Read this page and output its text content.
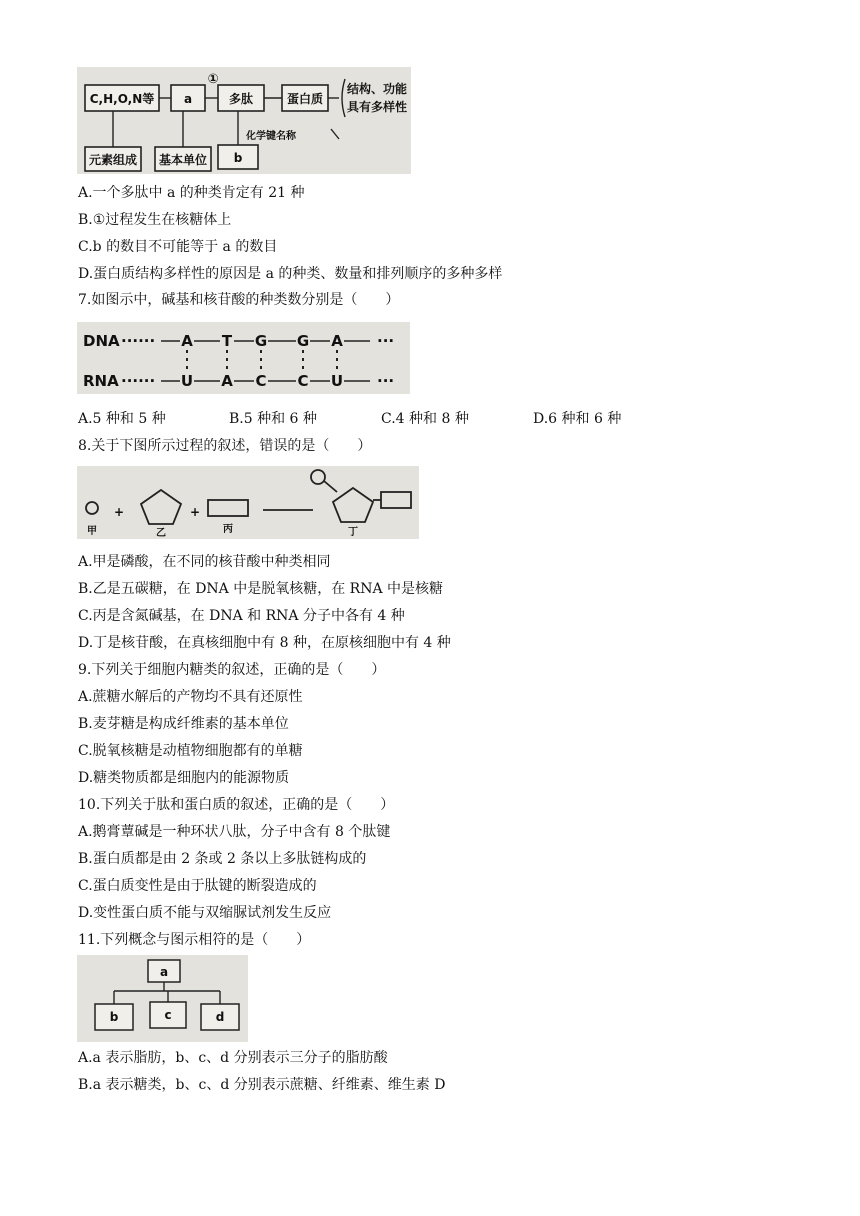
C,H,O,N等 a
①
多肽	蛋白质
结构、功能
具有多样性
化学键名称
元素组成 基本单位 b
A.一个多肽中 a 的种类肯定有 21 种
B.①过程发生在核糖体上
C.b 的数目不可能等于 a 的数目
D.蛋白质结构多样性的原因是 a 的种类、数量和排列顺序的多种多样
7.如图示中，碱基和核苷酸的种类数分别是（　　）
DNA
RNA
······
······
A T G G A
U A C C U
···
···
A.5 种和 5 种	B.5 种和 6 种	C.4 种和 8 种	D.6 种和 6 种
8.关于下图所示过程的叙述，错误的是（　　）
+	+
甲	乙	丙	丁
A.甲是磷酸，在不同的核苷酸中种类相同
B.乙是五碳糖，在 DNA 中是脱氧核糖，在 RNA 中是核糖
C.丙是含氮碱基，在 DNA 和 RNA 分子中各有 4 种
D.丁是核苷酸，在真核细胞中有 8 种，在原核细胞中有 4 种
9.下列关于细胞内糖类的叙述，正确的是（　　）
A.蔗糖水解后的产物均不具有还原性
B.麦芽糖是构成纤维素的基本单位
C.脱氧核糖是动植物细胞都有的单糖
D.糖类物质都是细胞内的能源物质
10.下列关于肽和蛋白质的叙述，正确的是（　　）
A.鹅膏蕈碱是一种环状八肽，分子中含有 8 个肽键
B.蛋白质都是由 2 条或 2 条以上多肽链构成的
C.蛋白质变性是由于肽键的断裂造成的
D.变性蛋白质不能与双缩脲试剂发生反应
11.下列概念与图示相符的是（　　）
a
b	c	d
A.a 表示脂肪，b、c、d 分别表示三分子的脂肪酸
B.a 表示糖类，b、c、d 分别表示蔗糖、纤维素、维生素 D
